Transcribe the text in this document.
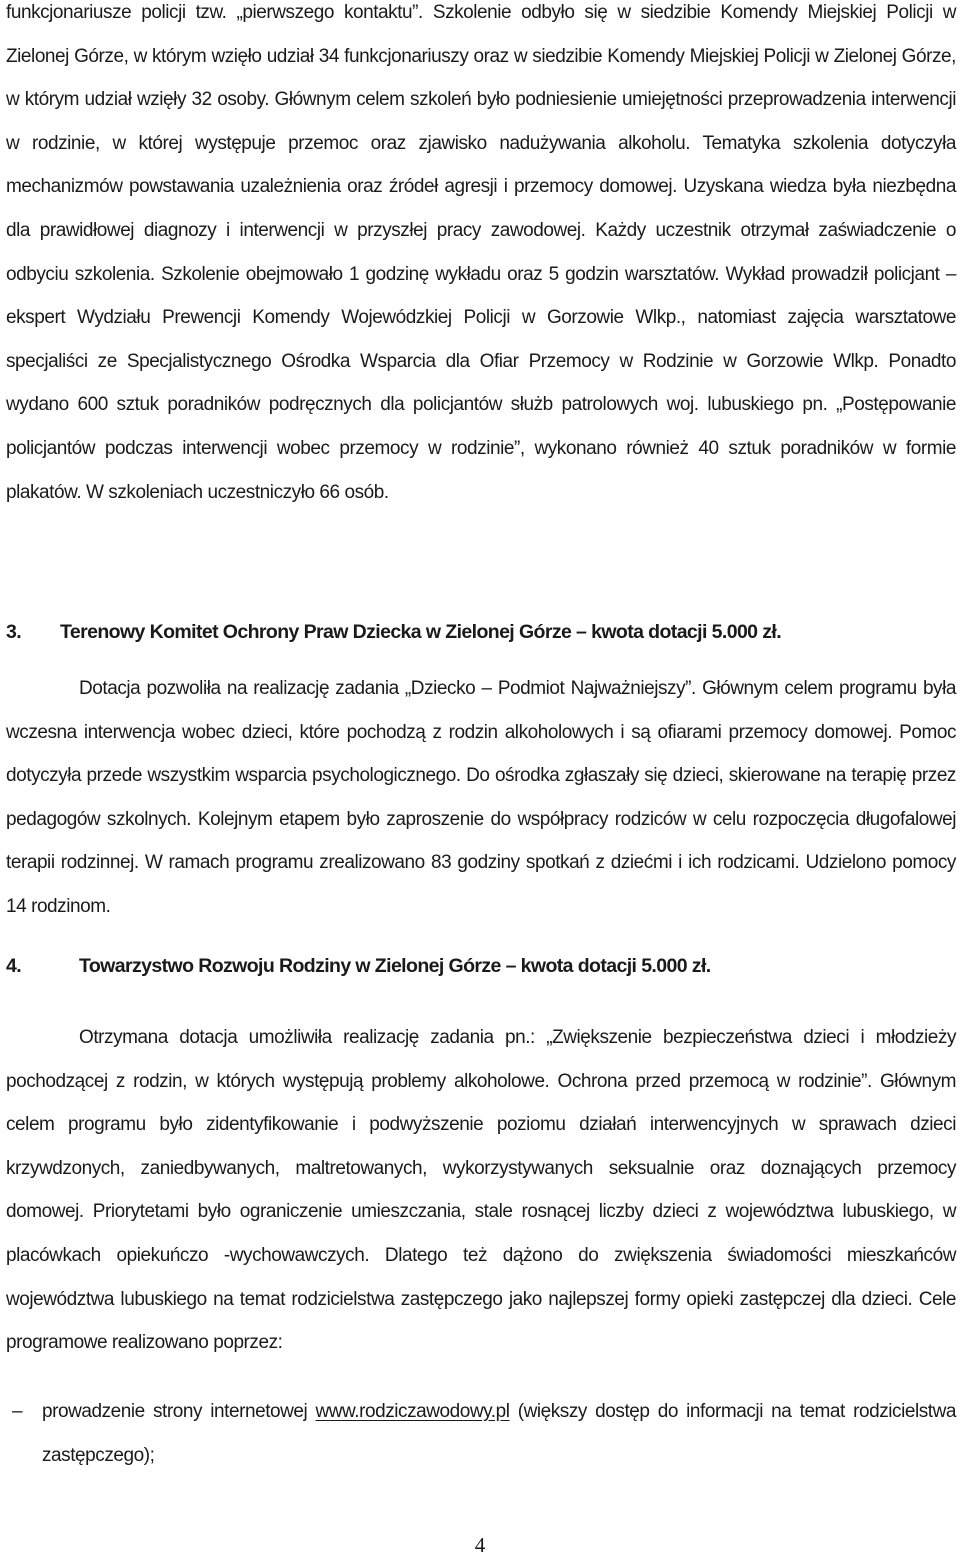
funkcjonariusze policji tzw. „pierwszego kontaktu”. Szkolenie odbyło się w siedzibie Komendy Miejskiej Policji w Zielonej Górze, w którym wzięło udział 34 funkcjonariuszy oraz w siedzibie Komendy Miejskiej Policji w Zielonej Górze, w którym udział wzięły 32 osoby. Głównym celem szkoleń było podniesienie umiejętności przeprowadzenia interwencji w rodzinie, w której występuje przemoc oraz zjawisko nadużywania alkoholu. Tematyka szkolenia dotyczyła mechanizmów powstawania uzależnienia oraz źródeł agresji i przemocy domowej. Uzyskana wiedza była niezbędna dla prawidłowej diagnozy i interwencji w przyszłej pracy zawodowej. Każdy uczestnik otrzymał zaświadczenie o odbyciu szkolenia. Szkolenie obejmowało 1 godzinę wykładu oraz 5 godzin warsztatów. Wykład prowadził policjant – ekspert Wydziału Prewencji Komendy Wojewódzkiej Policji w Gorzowie Wlkp., natomiast zajęcia warsztatowe specjaliści ze Specjalistycznego Ośrodka Wsparcia dla Ofiar Przemocy w Rodzinie w Gorzowie Wlkp. Ponadto wydano 600 sztuk poradników podręcznych dla policjantów służb patrolowych woj. lubuskiego pn. „Postępowanie policjantów podczas interwencji wobec przemocy w rodzinie”, wykonano również 40 sztuk poradników w formie plakatów. W szkoleniach uczestniczyło 66 osób.

3. Terenowy Komitet Ochrony Praw Dziecka w Zielonej Górze – kwota dotacji 5.000 zł.

Dotacja pozwoliła na realizację zadania „Dziecko – Podmiot Najważniejszy”. Głównym celem programu była wczesna interwencja wobec dzieci, które pochodzą z rodzin alkoholowych i są ofiarami przemocy domowej. Pomoc dotyczyła przede wszystkim wsparcia psychologicznego. Do ośrodka zgłaszały się dzieci, skierowane na terapię przez pedagogów szkolnych. Kolejnym etapem było zaproszenie do współpracy rodziców w celu rozpoczęcia długofalowej terapii rodzinnej. W ramach programu zrealizowano 83 godziny spotkań z dziećmi i ich rodzicami. Udzielono pomocy 14 rodzinom.

4.	Towarzystwo Rozwoju Rodziny w Zielonej Górze – kwota dotacji 5.000 zł.

Otrzymana dotacja umożliwiła realizację zadania pn.: „Zwiększenie bezpieczeństwa dzieci i młodzieży pochodzącej z rodzin, w których występują problemy alkoholowe. Ochrona przed przemocą w rodzinie”. Głównym celem programu było zidentyfikowanie i podwyższenie poziomu działań interwencyjnych w sprawach dzieci krzywdzonych, zaniedbywanych, maltretowanych, wykorzystywanych seksualnie oraz doznających przemocy domowej. Priorytetami było ograniczenie umieszczania, stale rosnącej liczby dzieci z województwa lubuskiego, w placówkach opiekuńczo -wychowawczych. Dlatego też dążono do zwiększenia świadomości mieszkańców województwa lubuskiego na temat rodzicielstwa zastępczego jako najlepszej formy opieki zastępczej dla dzieci. Cele programowe realizowano poprzez:

–	prowadzenie strony internetowej www.rodziczawodowy.pl (większy dostęp do informacji na temat rodzicielstwa zastępczego);
4
